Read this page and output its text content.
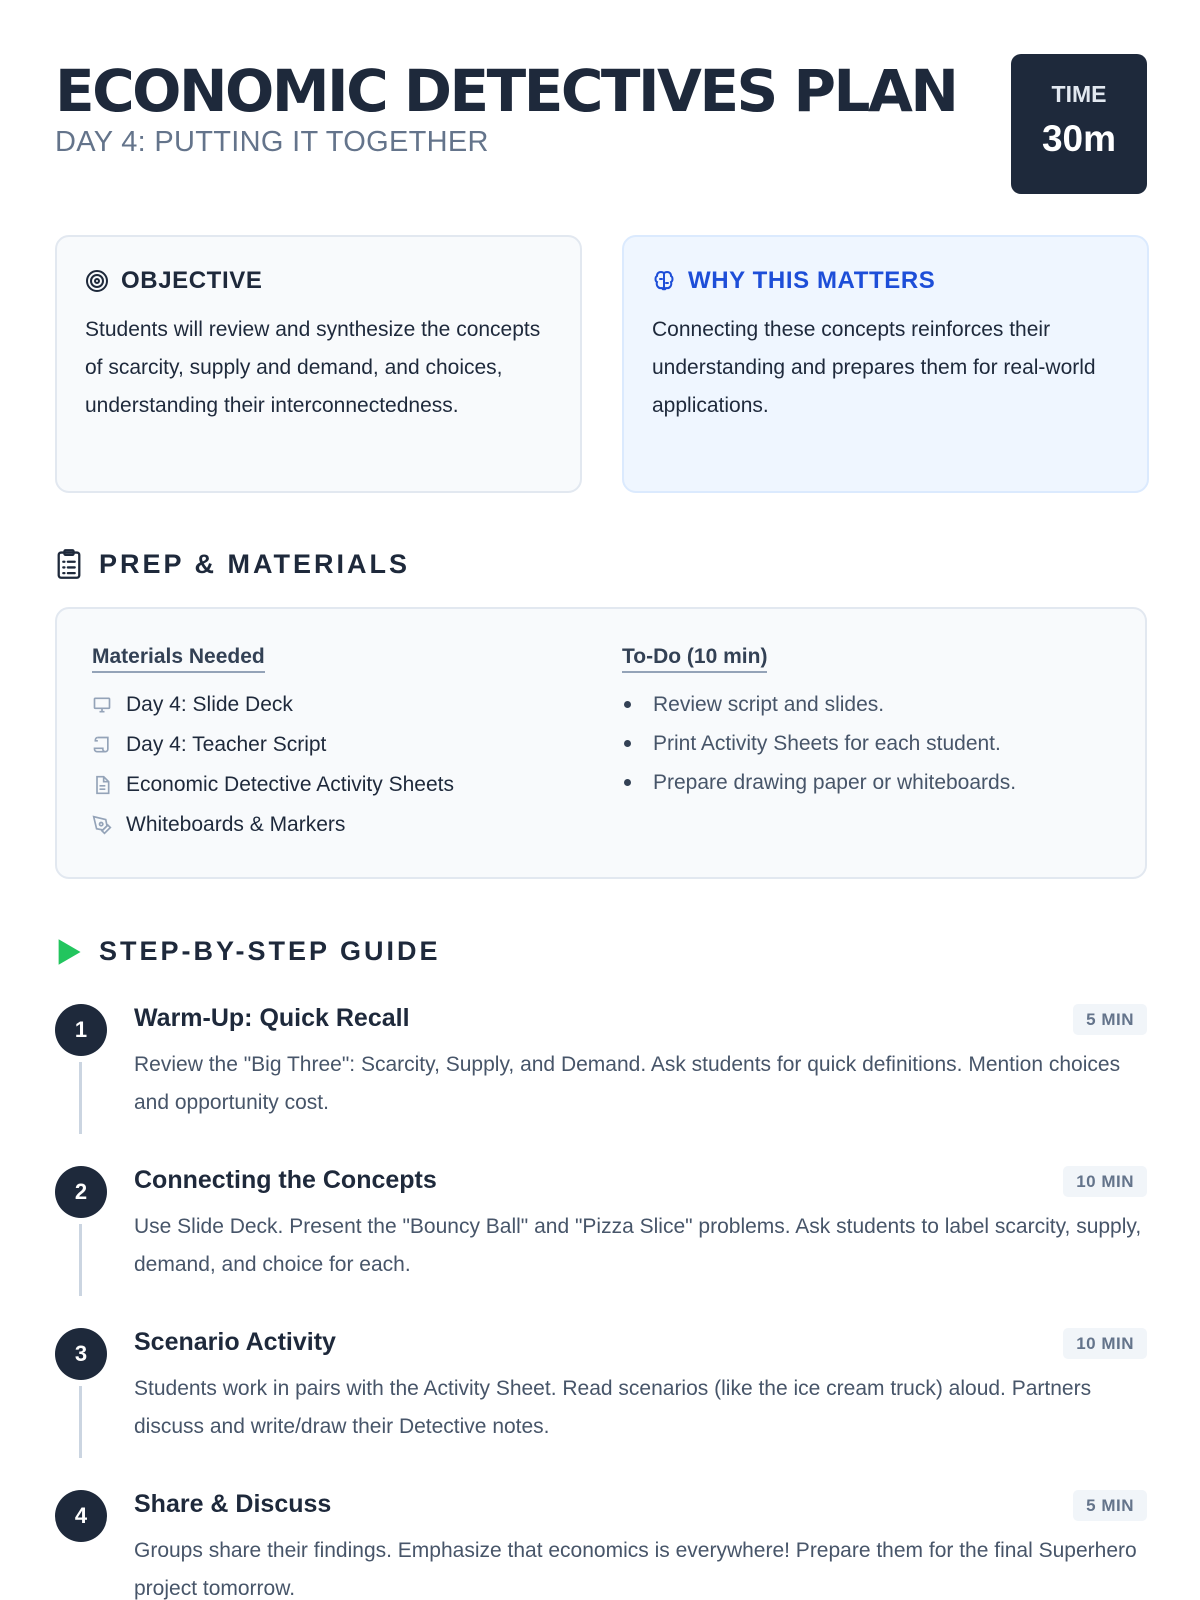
ECONOMIC DETECTIVES PLAN
DAY 4: PUTTING IT TOGETHER
TIME
30m
OBJECTIVE
Students will review and synthesize the concepts of scarcity, supply and demand, and choices, understanding their interconnectedness.
WHY THIS MATTERS
Connecting these concepts reinforces their understanding and prepares them for real-world applications.
PREP & MATERIALS
Materials Needed
Day 4: Slide Deck
Day 4: Teacher Script
Economic Detective Activity Sheets
Whiteboards & Markers
To-Do (10 min)
Review script and slides.
Print Activity Sheets for each student.
Prepare drawing paper or whiteboards.
STEP-BY-STEP GUIDE
1	Warm-Up: Quick Recall	5 MIN
Review the "Big Three": Scarcity, Supply, and Demand. Ask students for quick definitions. Mention choices and opportunity cost.
2	Connecting the Concepts	10 MIN
Use Slide Deck. Present the "Bouncy Ball" and "Pizza Slice" problems. Ask students to label scarcity, supply, demand, and choice for each.
3	Scenario Activity	10 MIN
Students work in pairs with the Activity Sheet. Read scenarios (like the ice cream truck) aloud. Partners discuss and write/draw their Detective notes.
4	Share & Discuss	5 MIN
Groups share their findings. Emphasize that economics is everywhere! Prepare them for the final Superhero project tomorrow.
